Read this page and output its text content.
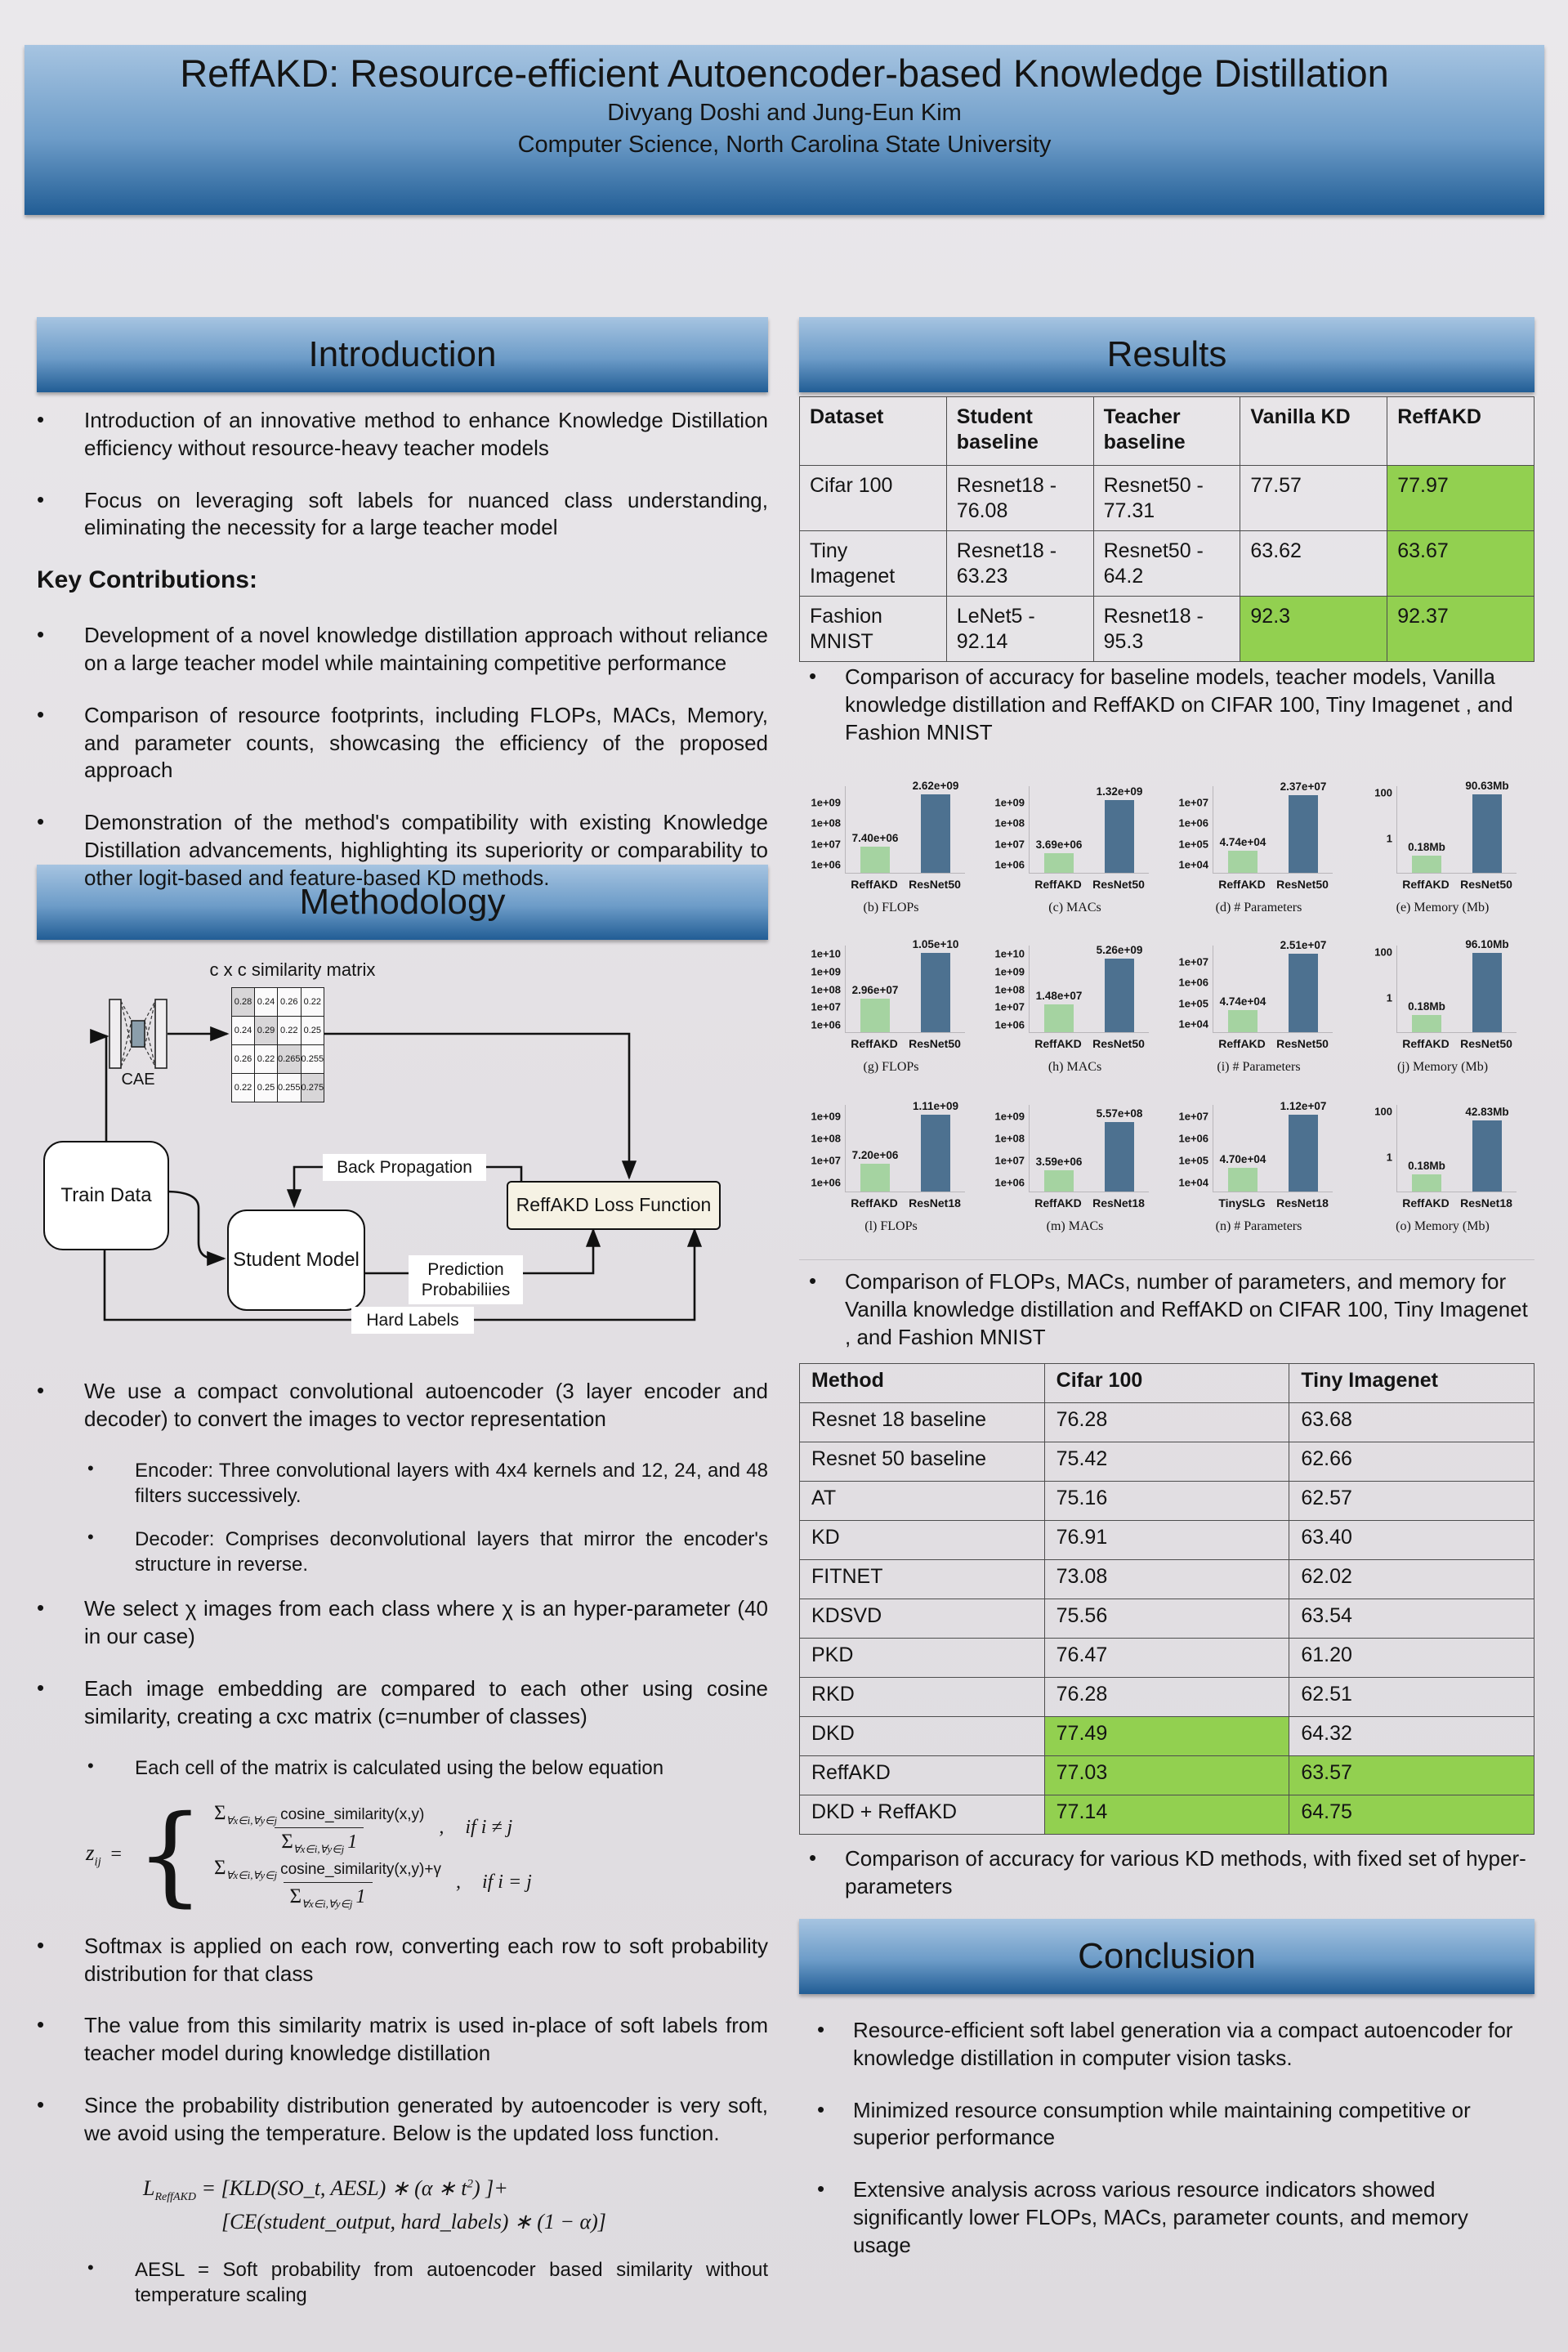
ReffAKD: Resource-efficient Autoencoder-based Knowledge Distillation
Divyang Doshi and Jung-Eun Kim
Computer Science, North Carolina State University
Introduction	Results
Methodology
Conclusion
•	Introduction of an innovative method to enhance Knowledge Distillation efficiency without resource-heavy teacher models
•	Focus on leveraging soft labels for nuanced class understanding, eliminating the necessity for a large teacher model
Key Contributions:
•	Development of a novel knowledge distillation approach without reliance on a large teacher model while maintaining competitive performance
•	Comparison of resource footprints, including FLOPs, MACs, Memory, and parameter counts, showcasing the efficiency of the proposed approach
•	Demonstration of the method's compatibility with existing Knowledge Distillation advancements, highlighting its superiority or comparability to other logit-based and feature-based KD methods.
c x c similarity matrix
0.28	0.24	0.26	0.22
0.24	0.29	0.22	0.25
0.26	0.22	0.265	0.255
0.22	0.25	0.255	0.275
CAE
Train Data
Student Model
ReffAKD Loss Function
Back Propagation
Prediction Probabiliies
Hard Labels
•	We use a compact convolutional autoencoder (3 layer encoder and decoder) to convert the images to vector representation
•	Encoder: Three convolutional layers with 4x4 kernels and 12, 24, and 48 filters successively.
•	Decoder: Comprises deconvolutional layers that mirror the encoder's structure in reverse.
•	We select χ images from each class where χ is an hyper-parameter (40 in our case)
•	Each image embedding are compared to each other using cosine similarity, creating a cxc matrix (c=number of classes)
•	Each cell of the matrix is calculated using the below equation
$z_{ij}$ = { $\frac{\Sigma_{\forall x\in i,\forall y\in j} cosine\_similarity(x,y)}{\Sigma_{\forall x\in i,\forall y\in j} 1}$ , if i ≠ j
$\frac{\Sigma_{\forall x\in i,\forall y\in j} cosine\_similarity(x,y)+\gamma}{\Sigma_{\forall x\in i,\forall y\in j} 1}$ , if i = j
•	Softmax is applied on each row, converting each row to soft probability distribution for that class
•	The value from this similarity matrix is used in-place of soft labels from teacher model during knowledge distillation
•	Since the probability distribution generated by autoencoder is very soft, we avoid using the temperature. Below is the updated loss function.
$L_{ReffAKD}$ = [KLD(SO_t, AESL) ∗ (α ∗ $t^2$) ]+
[CE(student_output, hard_labels) ∗ (1 − α)]
•	AESL = Soft probability from autoencoder based similarity without temperature scaling
Dataset	Student baseline	Teacher baseline	Vanilla KD	ReffAKD
Cifar 100	Resnet18 - 76.08	Resnet50 - 77.31	77.57	77.97
Tiny Imagenet	Resnet18 - 63.23	Resnet50 - 64.2	63.62	63.67
Fashion MNIST	LeNet5 - 92.14	Resnet18 - 95.3	92.3	92.37
•	Comparison of accuracy for baseline models, teacher models, Vanilla knowledge distillation and ReffAKD on CIFAR 100, Tiny Imagenet , and Fashion MNIST
1e+06
1e+07
1e+08
1e+09
7.40e+06
2.62e+09
ReffAKD ResNet50
(b) FLOPs
1e+06
1e+07
1e+08
1e+09
3.69e+06
1.32e+09
ReffAKD ResNet50
(c) MACs
1e+04
1e+05
1e+06
1e+07
4.74e+04
2.37e+07
ReffAKD ResNet50
(d) # Parameters
1
100
0.18Mb
90.63Mb
ReffAKD ResNet50
(e) Memory (Mb)
1e+06
1e+07
1e+08
1e+09
1e+10
2.96e+07
1.05e+10
ReffAKD ResNet50
(g) FLOPs
1e+06
1e+07
1e+08
1e+09
1e+10
1.48e+07
5.26e+09
ReffAKD ResNet50
(h) MACs
1e+04
1e+05
1e+06
1e+07
4.74e+04
2.51e+07
ReffAKD ResNet50
(i) # Parameters
1
100
0.18Mb
96.10Mb
ReffAKD ResNet50
(j) Memory (Mb)
1e+06
1e+07
1e+08
1e+09
7.20e+06
1.11e+09
ReffAKD ResNet18
(l) FLOPs
1e+06
1e+07
1e+08
1e+09
3.59e+06
5.57e+08
ReffAKD ResNet18
(m) MACs
1e+04
1e+05
1e+06
1e+07
4.70e+04
1.12e+07
TinySLG ResNet18
(n) # Parameters
1
100
0.18Mb
42.83Mb
ReffAKD ResNet18
(o) Memory (Mb)
•	Comparison of FLOPs, MACs, number of parameters, and memory for Vanilla knowledge distillation and ReffAKD on CIFAR 100, Tiny Imagenet , and Fashion MNIST
Method	Cifar 100	Tiny Imagenet
Resnet 18 baseline	76.28	63.68
Resnet 50 baseline	75.42	62.66
AT	75.16	62.57
KD	76.91	63.40
FITNET	73.08	62.02
KDSVD	75.56	63.54
PKD	76.47	61.20
RKD	76.28	62.51
DKD	77.49	64.32
ReffAKD	77.03	63.57
DKD + ReffAKD	77.14	64.75
•	Comparison of accuracy for various KD methods, with fixed set of hyper-parameters
•	Resource-efficient soft label generation via a compact autoencoder for knowledge distillation in computer vision tasks.
•	Minimized resource consumption while maintaining competitive or superior performance
•	Extensive analysis across various resource indicators showed significantly lower FLOPs, MACs, parameter counts, and memory usage
